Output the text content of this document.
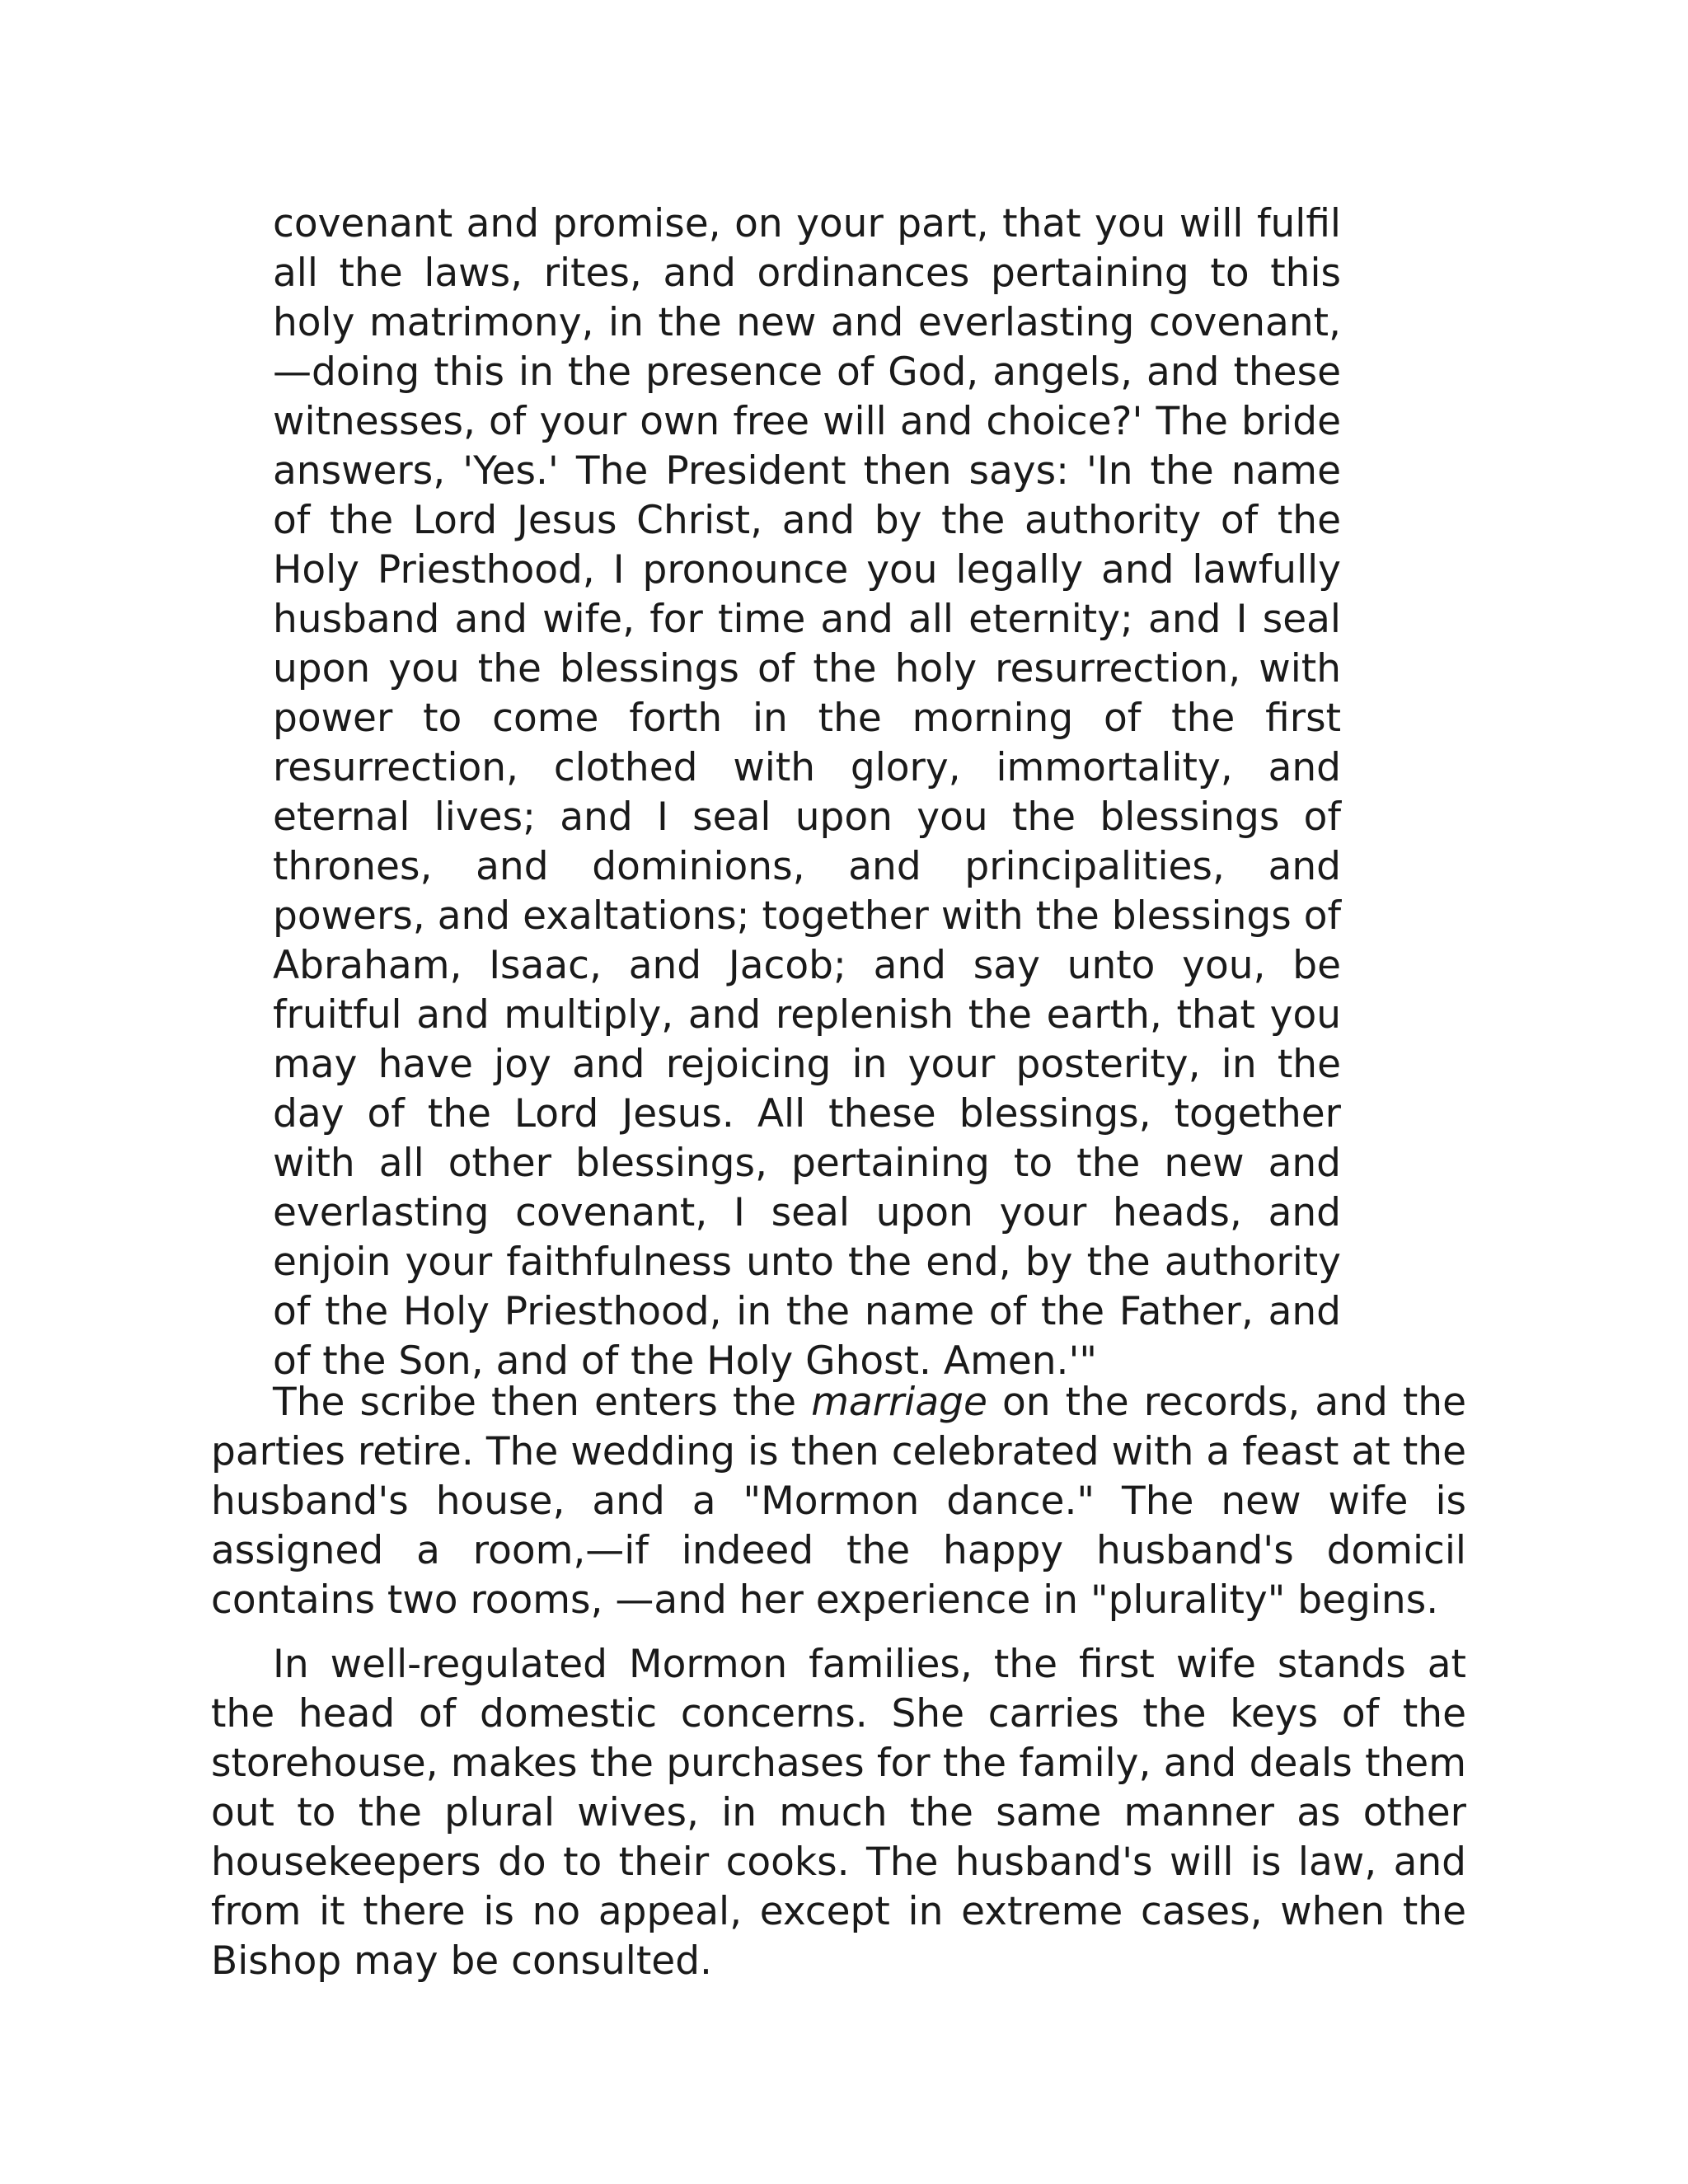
covenant and promise, on your part, that you will fulfil all the laws, rites, and ordinances pertaining to this holy matrimony, in the new and everlasting covenant,—doing this in the presence of God, angels, and these witnesses, of your own free will and choice?' The bride answers, 'Yes.' The President then says: 'In the name of the Lord Jesus Christ, and by the authority of the Holy Priesthood, I pronounce you legally and lawfully husband and wife, for time and all eternity; and I seal upon you the blessings of the holy resurrection, with power to come forth in the morning of the first resurrection, clothed with glory, immortality, and eternal lives; and I seal upon you the blessings of thrones, and dominions, and principalities, and powers, and exaltations; together with the blessings of Abraham, Isaac, and Jacob; and say unto you, be fruitful and multiply, and replenish the earth, that you may have joy and rejoicing in your posterity, in the day of the Lord Jesus. All these blessings, together with all other blessings, pertaining to the new and everlasting covenant, I seal upon your heads, and enjoin your faithfulness unto the end, by the authority of the Holy Priesthood, in the name of the Father, and of the Son, and of the Holy Ghost. Amen.'"

The scribe then enters the marriage on the records, and the parties retire. The wedding is then celebrated with a feast at the husband's house, and a "Mormon dance." The new wife is assigned a room,—if indeed the happy husband's domicil contains two rooms, —and her experience in "plurality" begins.

In well-regulated Mormon families, the first wife stands at the head of domestic concerns. She carries the keys of the storehouse, makes the purchases for the family, and deals them out to the plural wives, in much the same manner as other housekeepers do to their cooks. The husband's will is law, and from it there is no appeal, except in extreme cases, when the Bishop may be consulted.
